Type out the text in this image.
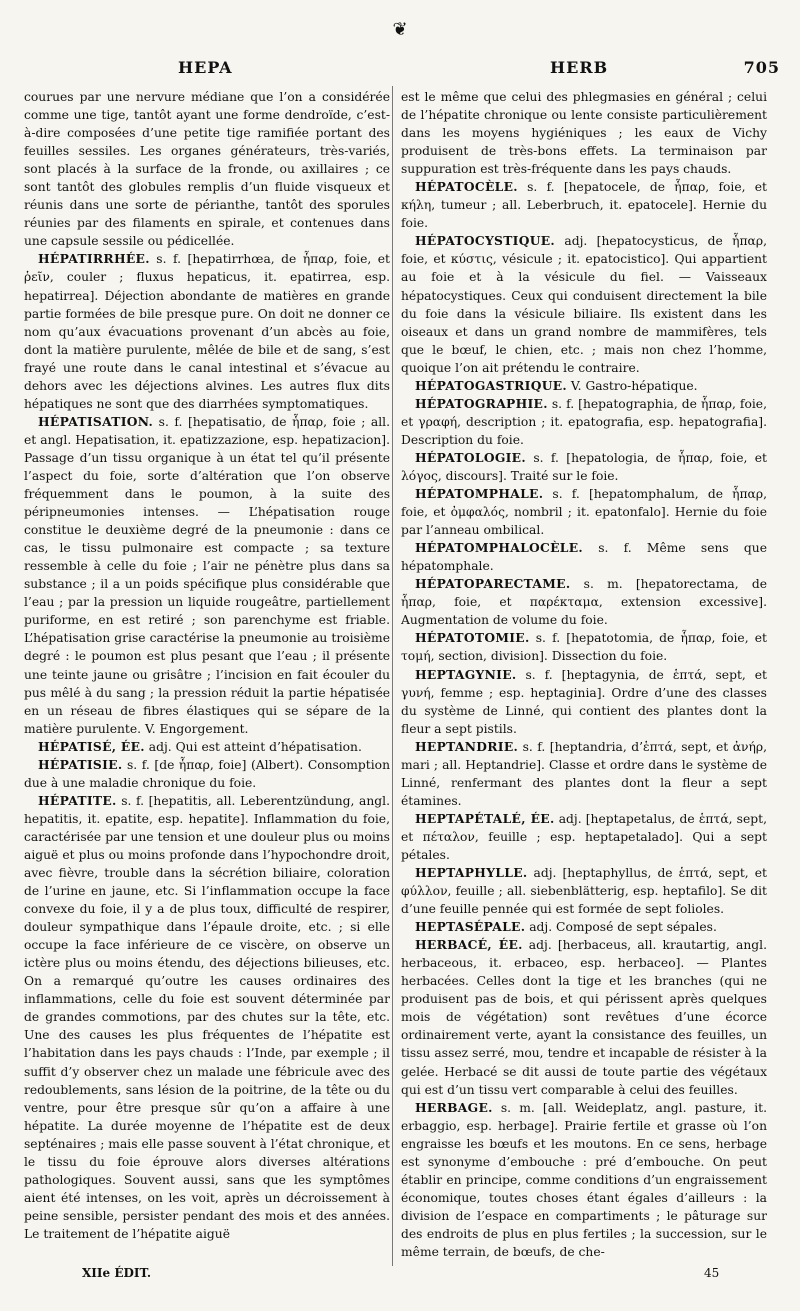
❦
HEPA	HERB	705

courues par une nervure médiane que l’on a considérée comme une tige, tantôt ayant une forme dendroïde, c’est-à-dire composées d’une petite tige ramifiée portant des feuilles sessiles. Les organes générateurs, très-variés, sont placés à la surface de la fronde, ou axillaires ; ce sont tantôt des globules remplis d’un fluide visqueux et réunis dans une sorte de périanthe, tantôt des sporules réunies par des filaments en spirale, et contenues dans une capsule sessile ou pédicellée.

HÉPATIRRHÉE. s. f. [hepatirrhœa, de ἧπαρ, foie, et ῥεῖν, couler ; fluxus hepaticus, it. epatirrea, esp. hepatirrea]. Déjection abondante de matières en grande partie formées de bile presque pure. On doit ne donner ce nom qu’aux évacuations provenant d’un abcès au foie, dont la matière purulente, mêlée de bile et de sang, s’est frayé une route dans le canal intestinal et s’évacue au dehors avec les déjections alvines. Les autres flux dits hépatiques ne sont que des diarrhées symptomatiques.

HÉPATISATION. s. f. [hepatisatio, de ἧπαρ, foie ; all. et angl. Hepatisation, it. epatizzazione, esp. hepatizacion]. Passage d’un tissu organique à un état tel qu’il présente l’aspect du foie, sorte d’altération que l’on observe fréquemment dans le poumon, à la suite des péripneumonies intenses. — L’hépatisation rouge constitue le deuxième degré de la pneumonie : dans ce cas, le tissu pulmonaire est compacte ; sa texture ressemble à celle du foie ; l’air ne pénètre plus dans sa substance ; il a un poids spécifique plus considérable que l’eau ; par la pression un liquide rougeâtre, partiellement puriforme, en est retiré ; son parenchyme est friable. L’hépatisation grise caractérise la pneumonie au troisième degré : le poumon est plus pesant que l’eau ; il présente une teinte jaune ou grisâtre ; l’incision en fait écouler du pus mêlé à du sang ; la pression réduit la partie hépatisée en un réseau de fibres élastiques qui se sépare de la matière purulente. V. Engorgement.

HÉPATISÉ, ÉE. adj. Qui est atteint d’hépatisation.

HÉPATISIE. s. f. [de ἧπαρ, foie] (Albert). Consomption due à une maladie chronique du foie.

HÉPATITE. s. f. [hepatitis, all. Leberentzündung, angl. hepatitis, it. epatite, esp. hepatite]. Inflammation du foie, caractérisée par une tension et une douleur plus ou moins aiguë et plus ou moins profonde dans l’hypochondre droit, avec fièvre, trouble dans la sécrétion biliaire, coloration de l’urine en jaune, etc. Si l’inflammation occupe la face convexe du foie, il y a de plus toux, difficulté de respirer, douleur sympathique dans l’épaule droite, etc. ; si elle occupe la face inférieure de ce viscère, on observe un ictère plus ou moins étendu, des déjections bilieuses, etc. On a remarqué qu’outre les causes ordinaires des inflammations, celle du foie est souvent déterminée par de grandes commotions, par des chutes sur la tête, etc. Une des causes les plus fréquentes de l’hépatite est l’habitation dans les pays chauds : l’Inde, par exemple ; il suffit d’y observer chez un malade une fébricule avec des redoublements, sans lésion de la poitrine, de la tête ou du ventre, pour être presque sûr qu’on a affaire à une hépatite. La durée moyenne de l’hépatite est de deux septénaires ; mais elle passe souvent à l’état chronique, et le tissu du foie éprouve alors diverses altérations pathologiques. Souvent aussi, sans que les symptômes aient été intenses, on les voit, après un décroissement à peine sensible, persister pendant des mois et des années. Le traitement de l’hépatite aiguë

est le même que celui des phlegmasies en général ; celui de l’hépatite chronique ou lente consiste particulièrement dans les moyens hygiéniques ; les eaux de Vichy produisent de très-bons effets. La terminaison par suppuration est très-fréquente dans les pays chauds.

HÉPATOCÈLE. s. f. [hepatocele, de ἧπαρ, foie, et κήλη, tumeur ; all. Leberbruch, it. epatocele]. Hernie du foie.

HÉPATOCYSTIQUE. adj. [hepatocysticus, de ἧπαρ, foie, et κύστις, vésicule ; it. epatocistico]. Qui appartient au foie et à la vésicule du fiel. — Vaisseaux hépatocystiques. Ceux qui conduisent directement la bile du foie dans la vésicule biliaire. Ils existent dans les oiseaux et dans un grand nombre de mammifères, tels que le bœuf, le chien, etc. ; mais non chez l’homme, quoique l’on ait prétendu le contraire.

HÉPATOGASTRIQUE. V. Gastro-hépatique.

HÉPATOGRAPHIE. s. f. [hepatographia, de ἧπαρ, foie, et γραφή, description ; it. epatografia, esp. hepatografia]. Description du foie.

HÉPATOLOGIE. s. f. [hepatologia, de ἧπαρ, foie, et λόγος, discours]. Traité sur le foie.

HÉPATOMPHALE. s. f. [hepatomphalum, de ἧπαρ, foie, et ὀμφαλός, nombril ; it. epatonfalo]. Hernie du foie par l’anneau ombilical.

HÉPATOMPHALOCÈLE. s. f. Même sens que hépatomphale.

HÉPATOPARECTAME. s. m. [hepatorectama, de ἧπαρ, foie, et παρέκταμα, extension excessive]. Augmentation de volume du foie.

HÉPATOTOMIE. s. f. [hepatotomia, de ἧπαρ, foie, et τομή, section, division]. Dissection du foie.

HEPTAGYNIE. s. f. [heptagynia, de ἑπτά, sept, et γυνή, femme ; esp. heptaginia]. Ordre d’une des classes du système de Linné, qui contient des plantes dont la fleur a sept pistils.

HEPTANDRIE. s. f. [heptandria, d’ἑπτά, sept, et ἀνήρ, mari ; all. Heptandrie]. Classe et ordre dans le système de Linné, renfermant des plantes dont la fleur a sept étamines.

HEPTAPÉTALÉ, ÉE. adj. [heptapetalus, de ἑπτά, sept, et πέταλον, feuille ; esp. heptapetalado]. Qui a sept pétales.

HEPTAPHYLLE. adj. [heptaphyllus, de ἑπτά, sept, et φύλλον, feuille ; all. siebenblätterig, esp. heptafilo]. Se dit d’une feuille pennée qui est formée de sept folioles.

HEPTASÉPALE. adj. Composé de sept sépales.

HERBACÉ, ÉE. adj. [herbaceus, all. krautartig, angl. herbaceous, it. erbaceo, esp. herbaceo]. — Plantes herbacées. Celles dont la tige et les branches (qui ne produisent pas de bois, et qui périssent après quelques mois de végétation) sont revêtues d’une écorce ordinairement verte, ayant la consistance des feuilles, un tissu assez serré, mou, tendre et incapable de résister à la gelée. Herbacé se dit aussi de toute partie des végétaux qui est d’un tissu vert comparable à celui des feuilles.

HERBAGE. s. m. [all. Weideplatz, angl. pasture, it. erbaggio, esp. herbage]. Prairie fertile et grasse où l’on engraisse les bœufs et les moutons. En ce sens, herbage est synonyme d’embouche : pré d’embouche. On peut établir en principe, comme conditions d’un engraissement économique, toutes choses étant égales d’ailleurs : la division de l’espace en compartiments ; le pâturage sur des endroits de plus en plus fertiles ; la succession, sur le même terrain, de bœufs, de che-

XIIe ÉDIT.	45
